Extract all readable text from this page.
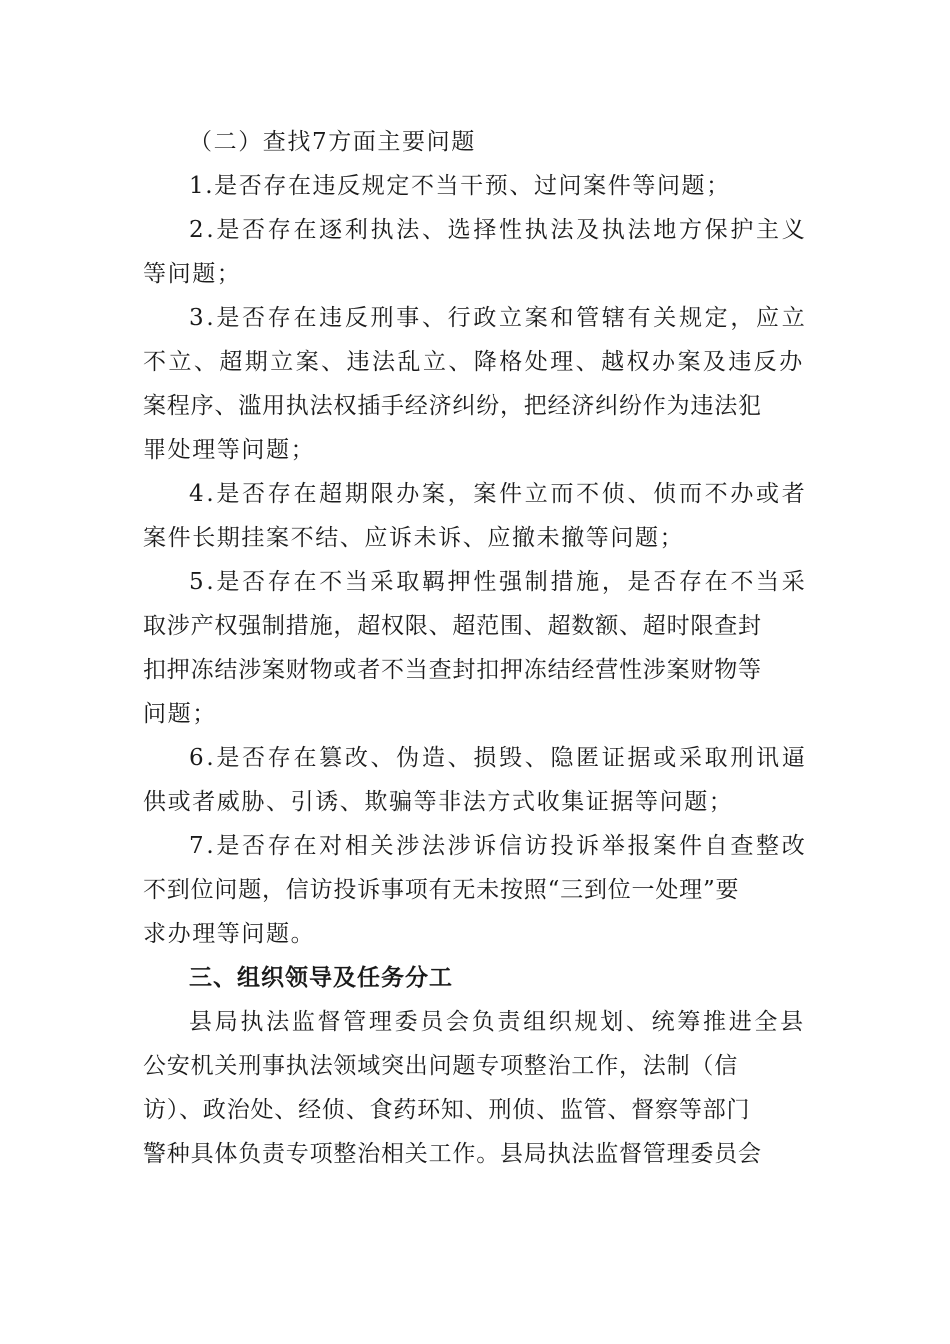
（二）查找7方面主要问题
1.是否存在违反规定不当干预、过问案件等问题；
2.是否存在逐利执法、选择性执法及执法地方保护主义
等问题；
3.是否存在违反刑事、行政立案和管辖有关规定，应立
不立、超期立案、违法乱立、降格处理、越权办案及违反办
案程序、滥用执法权插手经济纠纷，把经济纠纷作为违法犯
罪处理等问题；
4.是否存在超期限办案，案件立而不侦、侦而不办或者
案件长期挂案不结、应诉未诉、应撤未撤等问题；
5.是否存在不当采取羁押性强制措施，是否存在不当采
取涉产权强制措施，超权限、超范围、超数额、超时限查封
扣押冻结涉案财物或者不当查封扣押冻结经营性涉案财物等
问题；
6.是否存在篡改、伪造、损毁、隐匿证据或采取刑讯逼
供或者威胁、引诱、欺骗等非法方式收集证据等问题；
7.是否存在对相关涉法涉诉信访投诉举报案件自查整改
不到位问题，信访投诉事项有无未按照“三到位一处理”要
求办理等问题。
三、组织领导及任务分工
县局执法监督管理委员会负责组织规划、统筹推进全县
公安机关刑事执法领域突出问题专项整治工作，法制（信
访）、政治处、经侦、食药环知、刑侦、监管、督察等部门
警种具体负责专项整治相关工作。县局执法监督管理委员会
